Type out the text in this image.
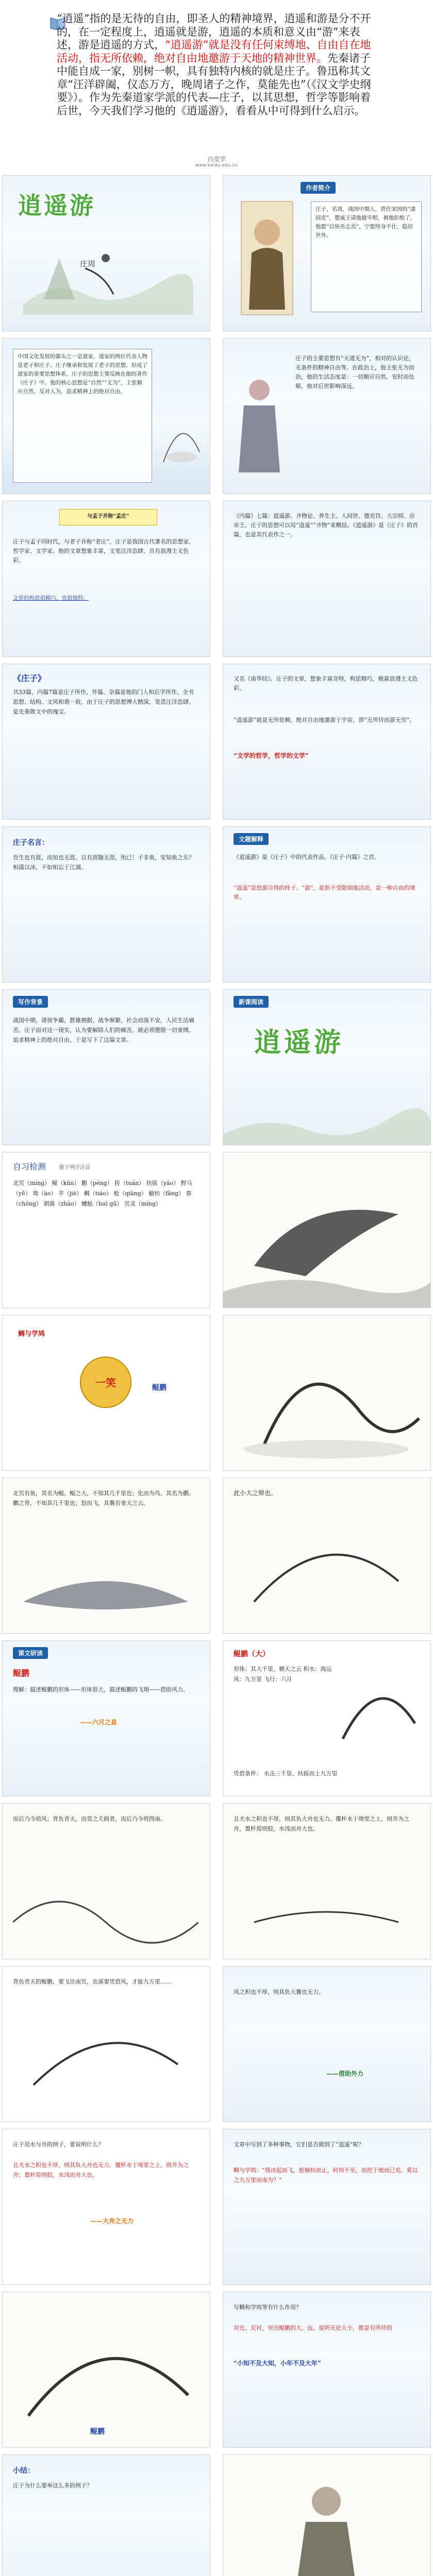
“逍遥”指的是无待的自由，即圣人的精神境界，逍遥和游是分不开的，在一定程度上，逍遥就是游，逍遥的本质和意义由“游”来表述，游是逍遥的方式，“逍遥游”就是没有任何束缚地、自由自在地活动，指无所依赖，绝对自由地邀游于天地的精神世界。先秦诸子中能自成一家，别树一帜，具有独特内核的就是庄子。鲁迅称其文章“汪洋辟阖，仪态万方，晚周诸子之作，莫能先也”（《汉文学史纲要》）。作为先秦道家学派的代表—庄子，以其思想，哲学等影响着后世，今天我们学习他的《逍遥游》，看看从中可得到什么启示。

百度学
www.baidu.edu.cn
逍遥游
庄周
作者简介
庄子，名周，战国中期人，曾任宋国的“漆园吏”，楚威王请他做宰相，被他拒绝了，他愿“以快吾志焉”，宁愿终身不仕，隐居世外。
中国文化发展的源头之一是道家，道家的两位代表人物是老子和庄子。庄子继承和发展了老子的思想，形成了道家的重要思想体系，庄子的思想主要反映在他的著作《庄子》中。他的核心思想是“自然”“无为”，主张顺应自然，反对人为，追求精神上的绝对自由。
庄子的主要思想有“天道无为”，相对的认识论，无条件的精神自由等。在政治上，他主张无为而治，他的生活态度是：一切顺应自然，安时而处顺。他对后世影响深远。
与孟子并称“孟庄”
庄子与孟子同时代，与老子并称“老庄”，庄子是我国古代著名的思想家、哲学家、文学家。他的文章想象丰富，文笔汪洋恣肆，具有浪漫主义色彩。
文章的构思很精巧，也很独特。
《内篇》七篇：逍遥游、齐物论、养生主、人间世、德充符、大宗师、应帝王。庄子的思想可以用“逍遥”“齐物”来概括。《逍遥游》是《庄子》的首篇，也是其代表作之一。
《庄子》
共33篇，内篇7篇是庄子所作，外篇、杂篇是他的门人和后学所作。全书思想、结构、文风和谐一致，由于庄子的思想博大精深，笔意汪洋恣肆，是先秦散文中的瑰宝。
又名《南华经》。庄子的文章，想象丰富奇特，构思精巧，极富浪漫主义色彩。
“逍遥游”就是无所依赖，绝对自由地遨游于宇宙，即“无所待而游无穷”。
“文学的哲学，哲学的文学”
庄子名言：
吾生也有涯，而知也无涯。以有涯随无涯，殆已！子非鱼，安知鱼之乐？相濡以沫，不如相忘于江湖。
文题解释
《逍遥游》是《庄子》中的代表作品。《庄子·内篇》之首。
“逍遥”是悠游自得的样子。“游”，是指不受限制地活动，是一种自由的境界。
写作背景
战国中期，诸侯争霸，群雄割据，战争频繁，社会动荡不安，人民生活痛苦。庄子面对这一现实，认为要解除人们的痛苦，就必须摆脱一切束缚，追求精神上的绝对自由，于是写下了这篇文章。
新课阅读
逍遥游
自习检测	能下列字注音
北冥（míng） 鲲（kūn） 鹏（péng） 抟（tuán） 扶摇（yáo） 野马（yě） 坳（ào） 芥（jiè） 蜩（tiáo） 枪（qiāng） 榆枋（fāng） 舂（chōng） 朝菌（zhāo） 蟪蛄（huì gū） 冥灵（míng）
蜩与学鸠
一笑	鲲鹏
北冥有鱼，其名为鲲。鲲之大，不知其几千里也；化而为鸟，其名为鹏。鹏之背，不知其几千里也；怒而飞，其翼若垂天之云。
此小大之辩也。
课文研读
鲲鹏
理解：描述鲲鹏的形体——形体很大，描述鲲鹏的飞翔——借助风力。
——六月之息
鲲鹏（大）
形体：其大千里、横天之云 积水：海运 风：九万里 飞行：六月
凭借条件： 水击三千里、扶摇而上九万里
而后乃今培风；背负青天，而莫之夭阏者，而后乃今将图南。	且夫水之积也不厚，则其负大舟也无力。覆杯水于坳堂之上，则芥为之舟，置杯焉则胶，水浅而舟大也。
背负青天的鲲鹏，要飞往南冥，也需要凭借风，才能九万里……
风之积也不厚，则其负大翼也无力。
——借助外力
庄子用水与舟的例子，要说明什么？
且夫水之积也不厚，则其负大舟也无力。覆杯水于坳堂之上，则芥为之舟；置杯焉则胶，水浅而舟大也。
——大舟之无力
文章中写到了多种事物，它们是否做到了“逍遥”呢？
蜩与学鸠：“我决起而飞，抢榆枋而止，时则不至，而控于地而已矣，奚以之九万里而南为？”
鲲鹏
写蜩和学鸠等有什么作用？
对比、反衬，突出鲲鹏的大、远，说明无论大小，都是有所待的
“小知不及大知，小年不及大年”
小结：
庄子为什么要举这么多的例子？
